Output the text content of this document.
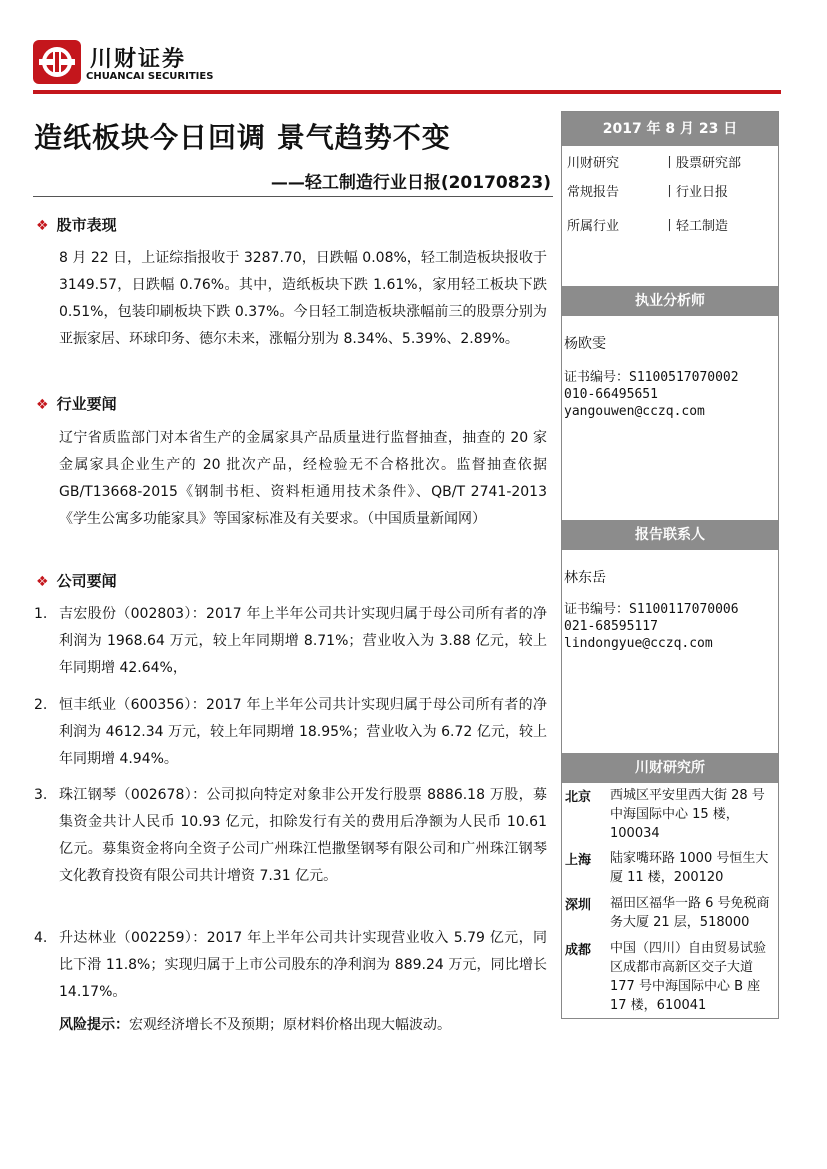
川财证券
CHUANCAI SECURITIES
造纸板块今日回调 景气趋势不变
——轻工制造行业日报(20170823)
❖ 股市表现
8 月 22 日，上证综指报收于 3287.70，日跌幅 0.08%，轻工制造板块报收于 3149.57，日跌幅 0.76%。其中，造纸板块下跌 1.61%，家用轻工板块下跌 0.51%，包装印刷板块下跌 0.37%。今日轻工制造板块涨幅前三的股票分别为亚振家居、环球印务、德尔未来，涨幅分别为 8.34%、5.39%、2.89%。
❖ 行业要闻
辽宁省质监部门对本省生产的金属家具产品质量进行监督抽查，抽查的 20 家金属家具企业生产的 20 批次产品，经检验无不合格批次。监督抽查依据 GB/T13668-2015《钢制书柜、资料柜通用技术条件》、QB/T 2741-2013《学生公寓多功能家具》等国家标准及有关要求。（中国质量新闻网）
❖ 公司要闻
1. 吉宏股份（002803）：2017 年上半年公司共计实现归属于母公司所有者的净利润为 1968.64 万元，较上年同期增 8.71%；营业收入为 3.88 亿元，较上年同期增 42.64%，
2. 恒丰纸业（600356）：2017 年上半年公司共计实现归属于母公司所有者的净利润为 4612.34 万元，较上年同期增 18.95%；营业收入为 6.72 亿元，较上年同期增 4.94%。
3. 珠江钢琴（002678）：公司拟向特定对象非公开发行股票 8886.18 万股，募集资金共计人民币 10.93 亿元，扣除发行有关的费用后净额为人民币 10.61 亿元。募集资金将向全资子公司广州珠江恺撒堡钢琴有限公司和广州珠江钢琴文化教育投资有限公司共计增资 7.31 亿元。
4. 升达林业（002259）：2017 年上半年公司共计实现营业收入 5.79 亿元，同比下滑 11.8%；实现归属于上市公司股东的净利润为 889.24 万元，同比增长 14.17%。
风险提示：宏观经济增长不及预期；原材料价格出现大幅波动。
2017 年 8 月 23 日
川财研究	丨股票研究部
常规报告	丨行业日报
所属行业	丨轻工制造
执业分析师
杨欧雯
证书编号：S1100517070002
010-66495651
yangouwen@cczq.com
报告联系人
林东岳
证书编号：S1100117070006
021-68595117
lindongyue@cczq.com
川财研究所
北京 西城区平安里西大街 28 号中海国际中心 15 楼，100034
上海 陆家嘴环路 1000 号恒生大厦 11 楼，200120
深圳 福田区福华一路 6 号免税商务大厦 21 层，518000
成都 中国（四川）自由贸易试验区成都市高新区交子大道 177 号中海国际中心 B 座 17 楼，610041
